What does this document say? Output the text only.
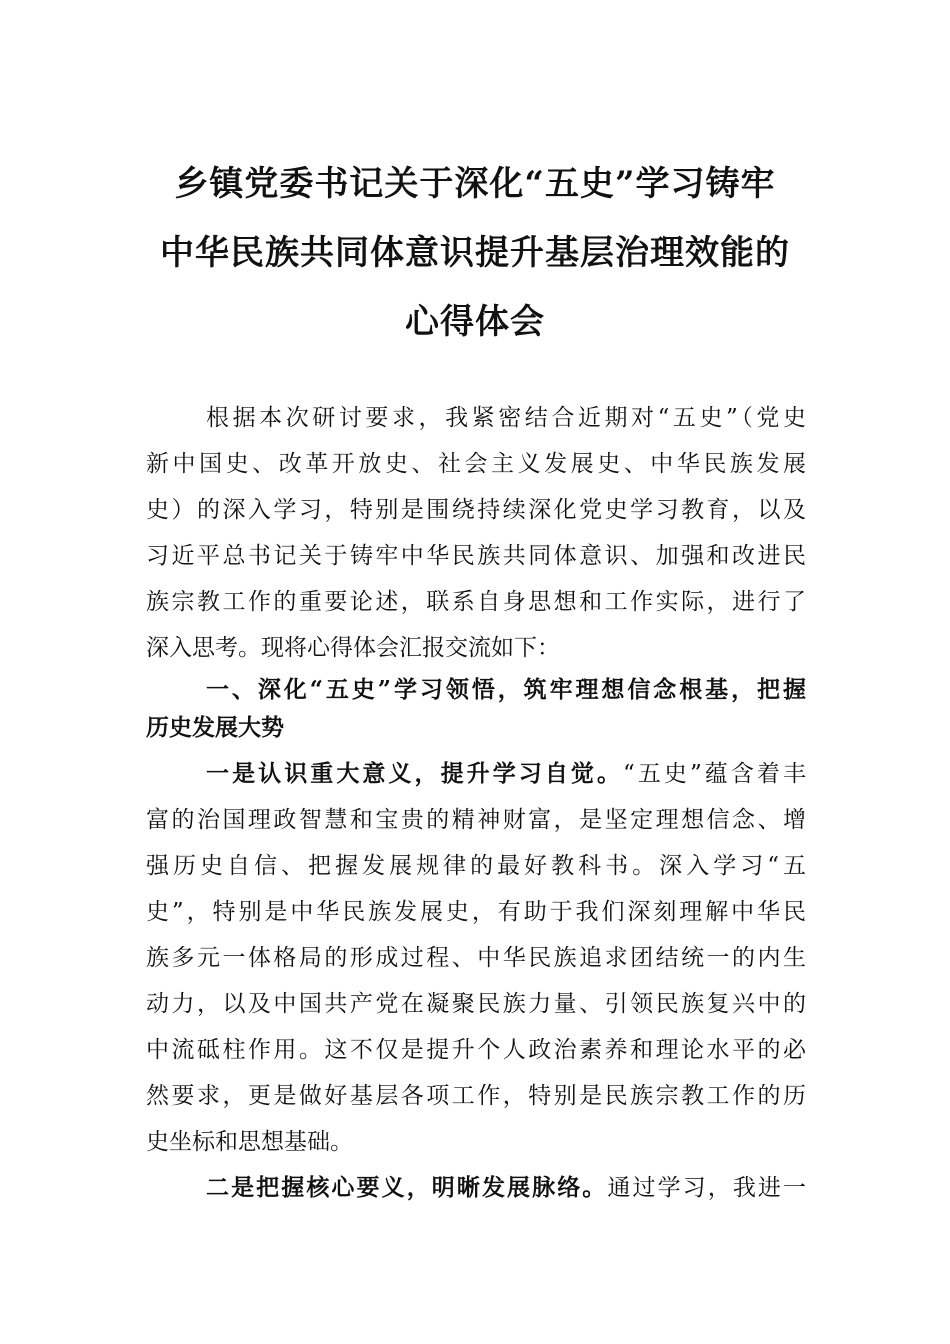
乡镇党委书记关于深化“五史”学习铸牢
中华民族共同体意识提升基层治理效能的
心得体会
根据本次研讨要求，我紧密结合近期对“五史”（党史
新中国史、改革开放史、社会主义发展史、中华民族发展
史）的深入学习，特别是围绕持续深化党史学习教育，以及
习近平总书记关于铸牢中华民族共同体意识、加强和改进民
族宗教工作的重要论述，联系自身思想和工作实际，进行了
深入思考。现将心得体会汇报交流如下：
一、深化“五史”学习领悟，筑牢理想信念根基，把握
历史发展大势
一是认识重大意义，提升学习自觉。“五史”蕴含着丰
富的治国理政智慧和宝贵的精神财富，是坚定理想信念、增
强历史自信、把握发展规律的最好教科书。深入学习“五
史”，特别是中华民族发展史，有助于我们深刻理解中华民
族多元一体格局的形成过程、中华民族追求团结统一的内生
动力，以及中国共产党在凝聚民族力量、引领民族复兴中的
中流砥柱作用。这不仅是提升个人政治素养和理论水平的必
然要求，更是做好基层各项工作，特别是民族宗教工作的历
史坐标和思想基础。
二是把握核心要义，明晰发展脉络。通过学习，我进一
